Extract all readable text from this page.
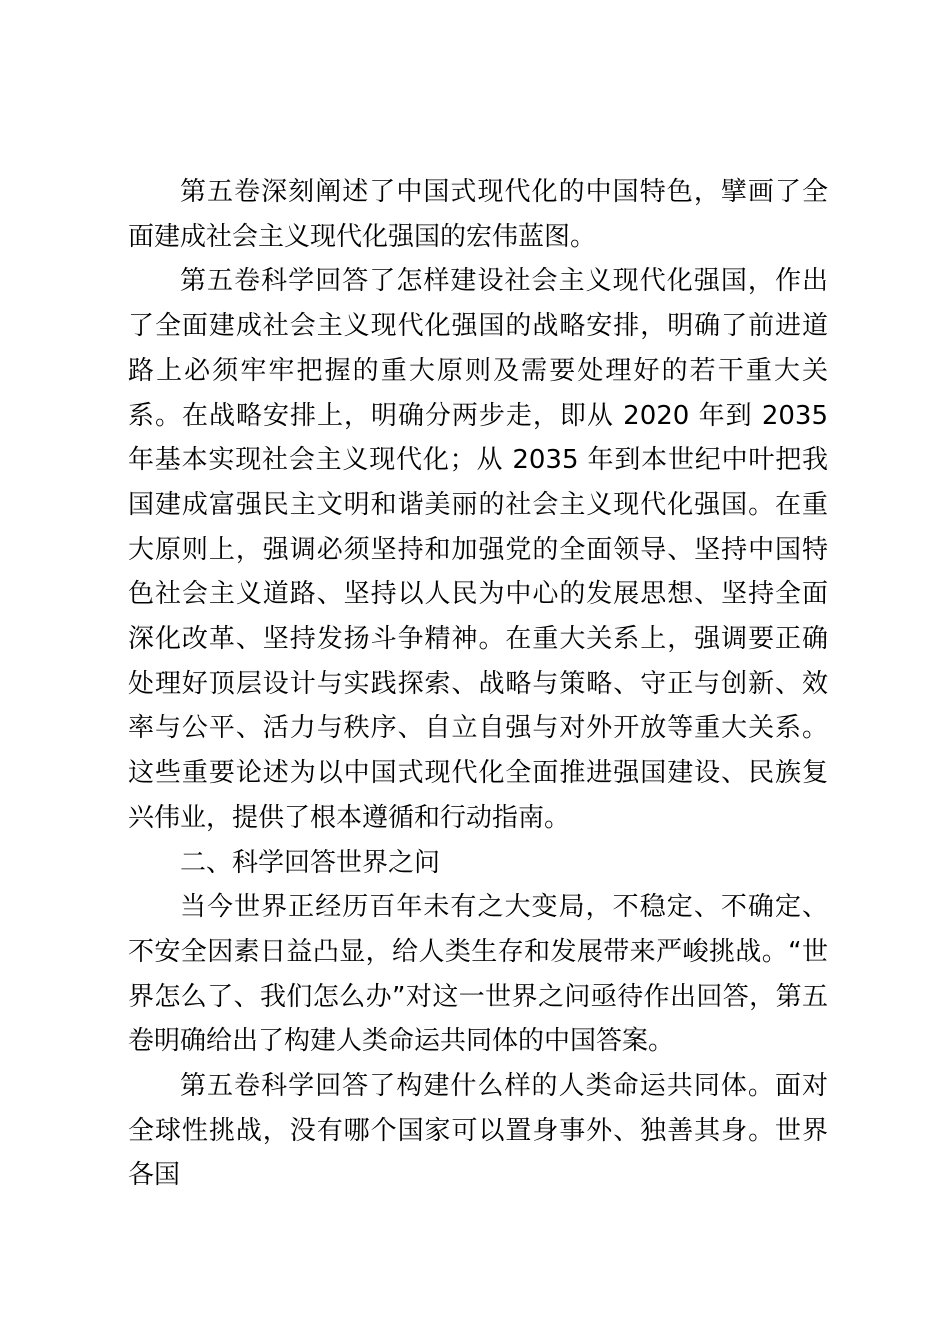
第五卷深刻阐述了中国式现代化的中国特色，擘画了全面建成社会主义现代化强国的宏伟蓝图。

第五卷科学回答了怎样建设社会主义现代化强国，作出了全面建成社会主义现代化强国的战略安排，明确了前进道路上必须牢牢把握的重大原则及需要处理好的若干重大关系。在战略安排上，明确分两步走，即从 2020 年到 2035 年基本实现社会主义现代化；从 2035 年到本世纪中叶把我国建成富强民主文明和谐美丽的社会主义现代化强国。在重大原则上，强调必须坚持和加强党的全面领导、坚持中国特色社会主义道路、坚持以人民为中心的发展思想、坚持全面深化改革、坚持发扬斗争精神。在重大关系上，强调要正确处理好顶层设计与实践探索、战略与策略、守正与创新、效率与公平、活力与秩序、自立自强与对外开放等重大关系。这些重要论述为以中国式现代化全面推进强国建设、民族复兴伟业，提供了根本遵循和行动指南。

二、科学回答世界之问

当今世界正经历百年未有之大变局，不稳定、不确定、不安全因素日益凸显，给人类生存和发展带来严峻挑战。“世界怎么了、我们怎么办”对这一世界之问亟待作出回答，第五卷明确给出了构建人类命运共同体的中国答案。

第五卷科学回答了构建什么样的人类命运共同体。面对全球性挑战，没有哪个国家可以置身事外、独善其身。世界各国
